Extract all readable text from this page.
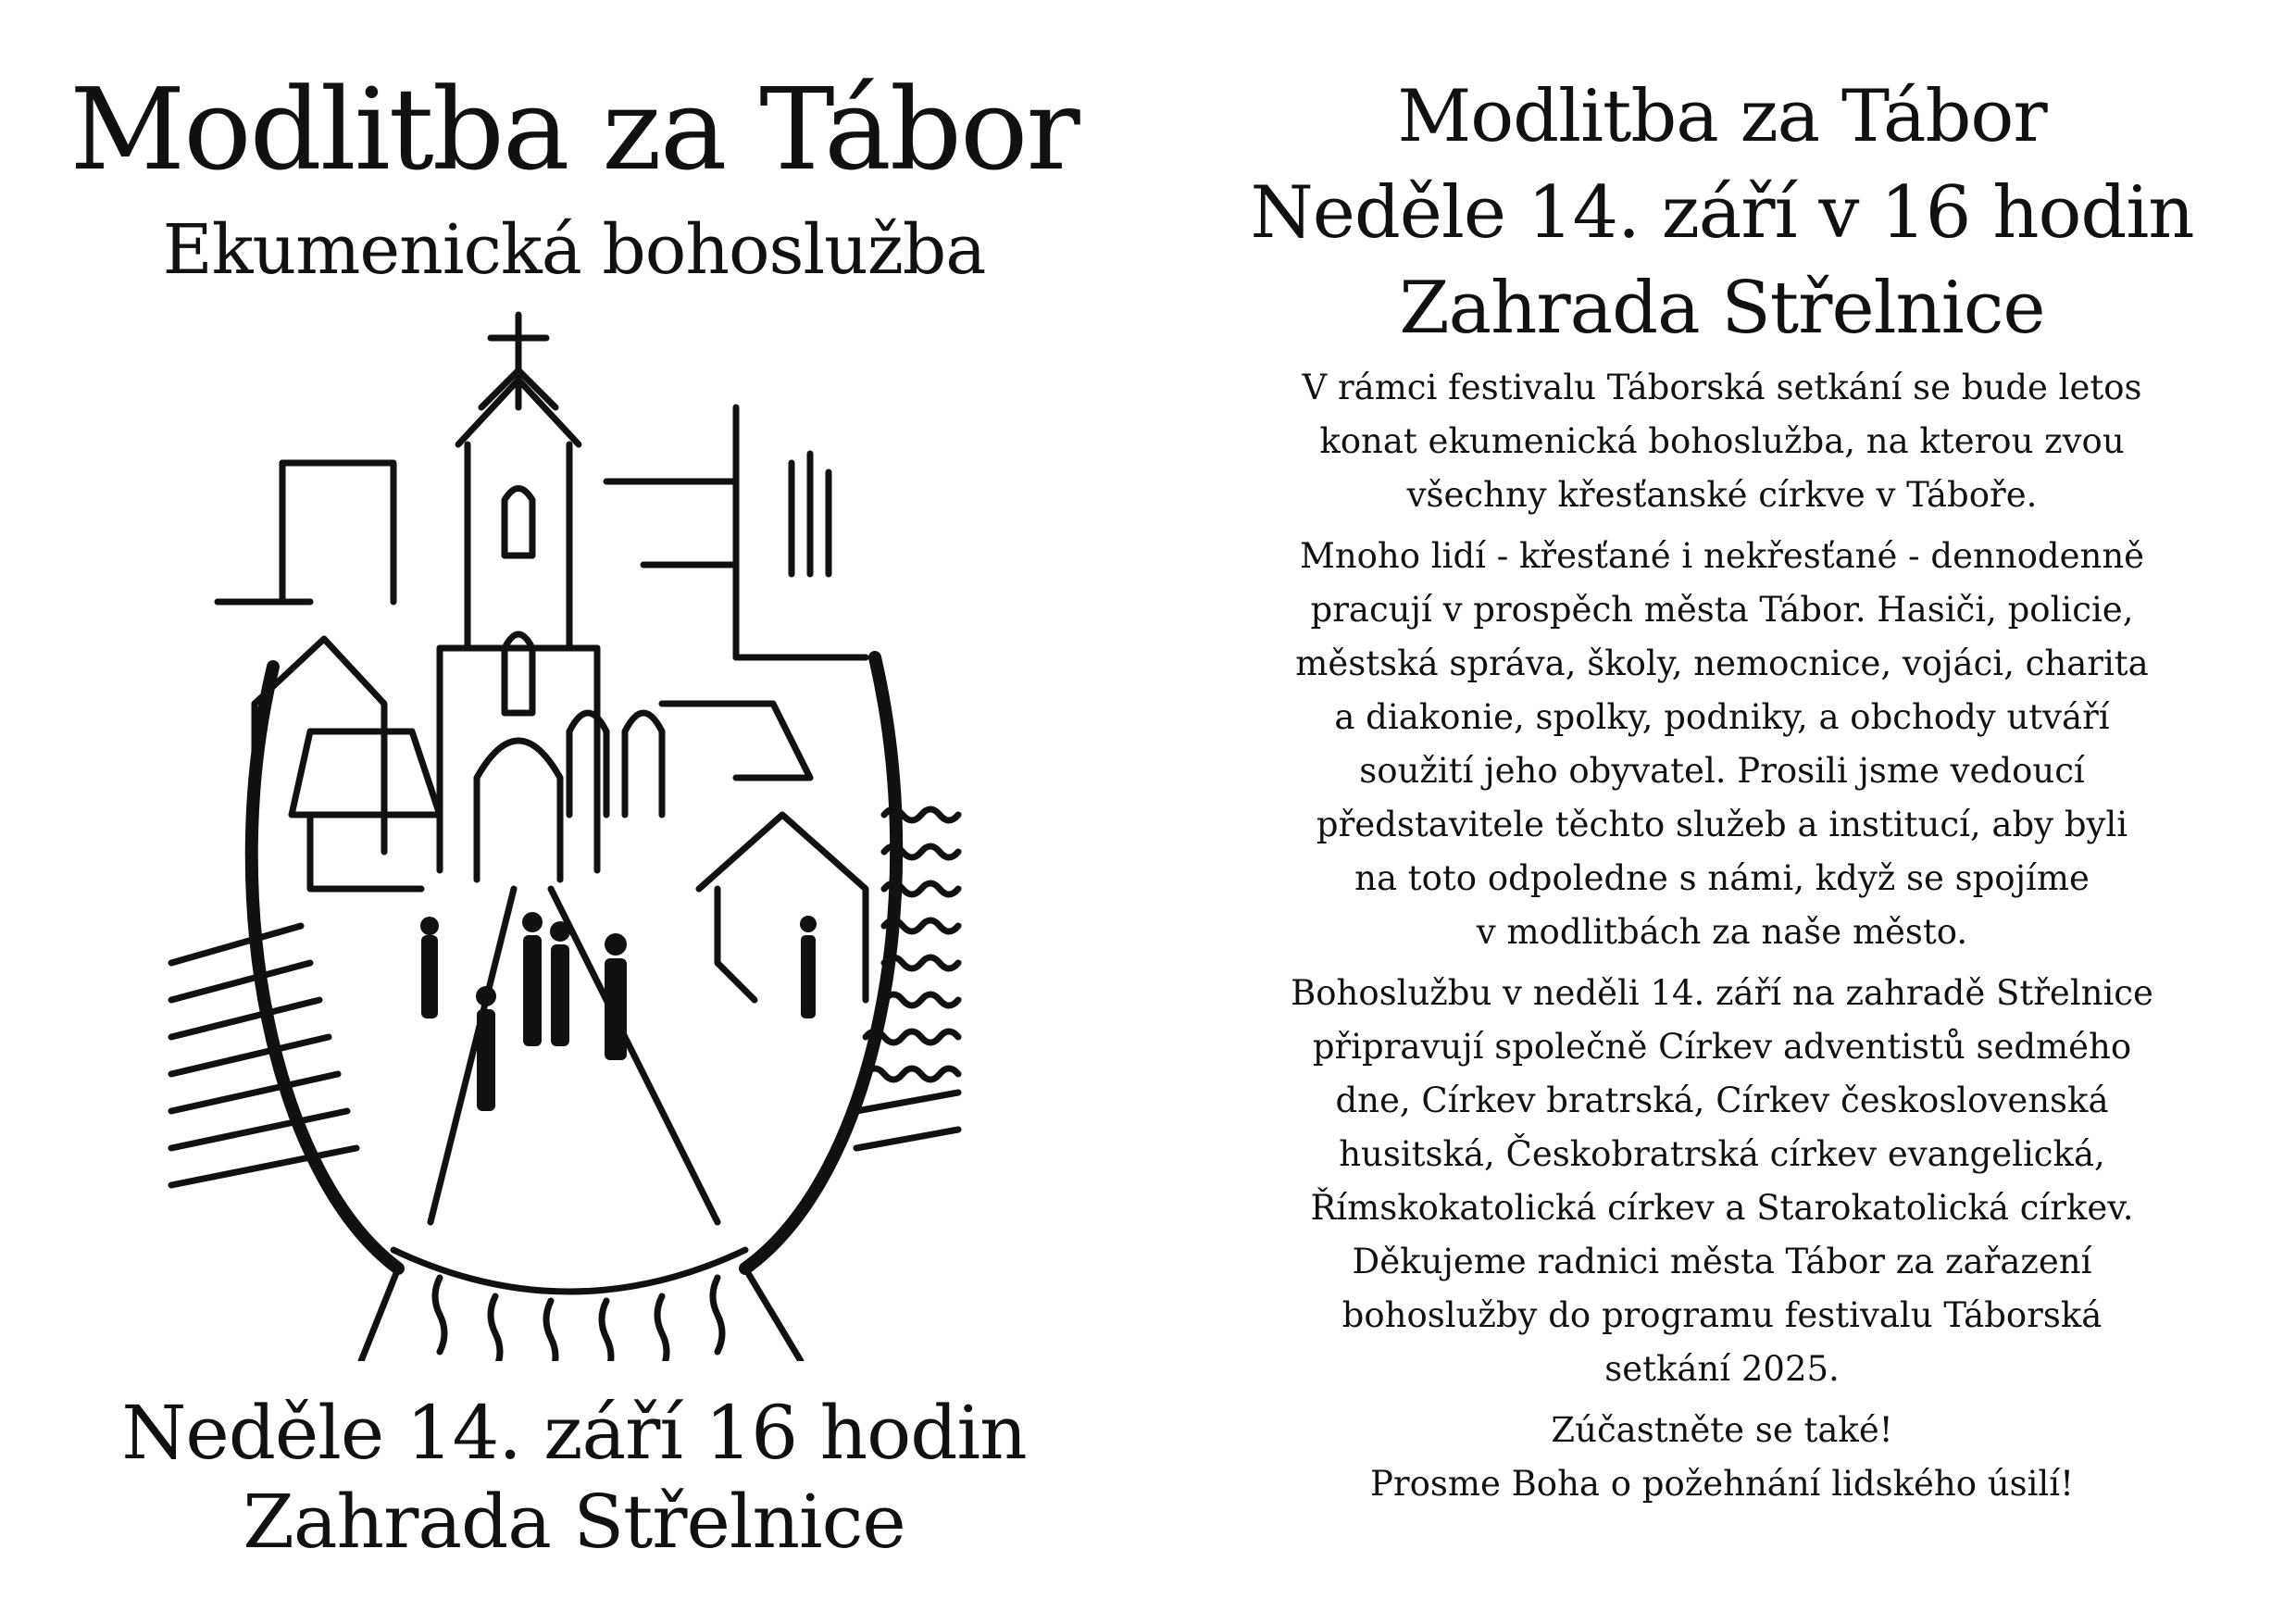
Modlitba za Tábor
Ekumenická bohoslužba
Neděle 14. září 16 hodin
Zahrada Střelnice
Modlitba za Tábor
Neděle 14. září v 16 hodin
Zahrada Střelnice

V rámci festivalu Táborská setkání se bude letos
konat ekumenická bohoslužba, na kterou zvou
všechny křesťanské církve v Táboře.

Mnoho lidí - křesťané i nekřesťané - dennodenně
pracují v prospěch města Tábor. Hasiči, policie,
městská správa, školy, nemocnice, vojáci, charita
a diakonie, spolky, podniky, a obchody utváří
soužití jeho obyvatel. Prosili jsme vedoucí
představitele těchto služeb a institucí, aby byli
na toto odpoledne s námi, když se spojíme
v modlitbách za naše město.

Bohoslužbu v neděli 14. září na zahradě Střelnice
připravují společně Církev adventistů sedmého
dne, Církev bratrská, Církev československá
husitská, Českobratrská církev evangelická,
Římskokatolická církev a Starokatolická církev.
Děkujeme radnici města Tábor za zařazení
bohoslužby do programu festivalu Táborská
setkání 2025.

Zúčastněte se také!
Prosme Boha o požehnání lidského úsilí!
